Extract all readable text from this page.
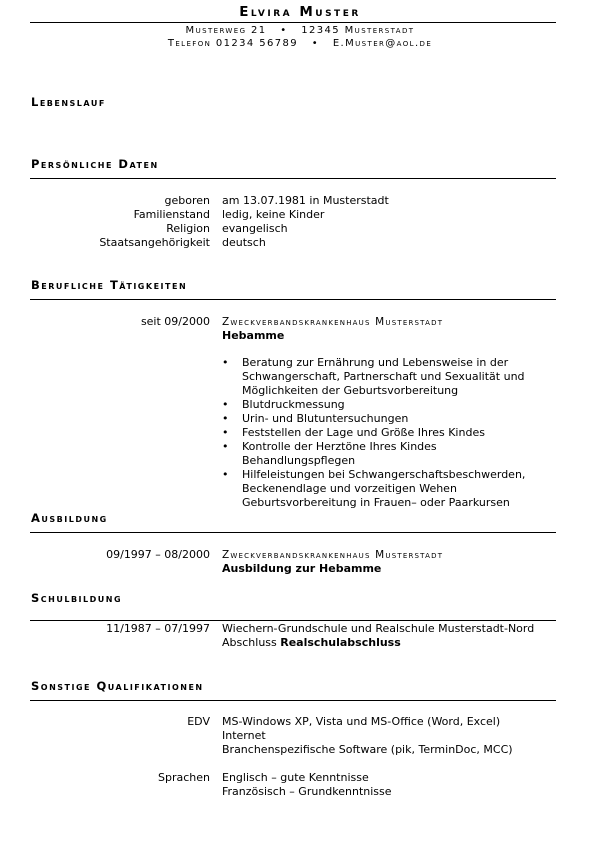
Elvira Muster
Musterweg 21   •   12345 Musterstadt
Telefon 01234 56789   •   E.Muster@aol.de
Lebenslauf
Persönliche Daten
geboren am 13.07.1981 in Musterstadt
Familienstand ledig, keine Kinder
Religion evangelisch
Staatsangehörigkeit deutsch
Berufliche Tätigkeiten
seit 09/2000 Zweckverbandskrankenhaus Musterstadt
Hebamme
• Beratung zur Ernährung und Lebensweise in der Schwangerschaft, Partnerschaft und Sexualität und Möglichkeiten der Geburtsvorbereitung
• Blutdruckmessung
• Urin- und Blutuntersuchungen
• Feststellen der Lage und Größe Ihres Kindes
• Kontrolle der Herztöne Ihres Kindes Behandlungspflegen
• Hilfeleistungen bei Schwangerschaftsbeschwerden, Beckenendlage und vorzeitigen Wehen Geburtsvorbereitung in Frauen– oder Paarkursen
Ausbildung
09/1997 – 08/2000 Zweckverbandskrankenhaus Musterstadt
Ausbildung zur Hebamme
Schulbildung
11/1987 – 07/1997 Wiechern-Grundschule und Realschule Musterstadt-Nord
Abschluss Realschulabschluss
Sonstige Qualifikationen
EDV MS-Windows XP, Vista und MS-Office (Word, Excel)
Internet
Branchenspezifische Software (pik, TerminDoc, MCC)
Sprachen Englisch – gute Kenntnisse
Französisch – Grundkenntnisse
